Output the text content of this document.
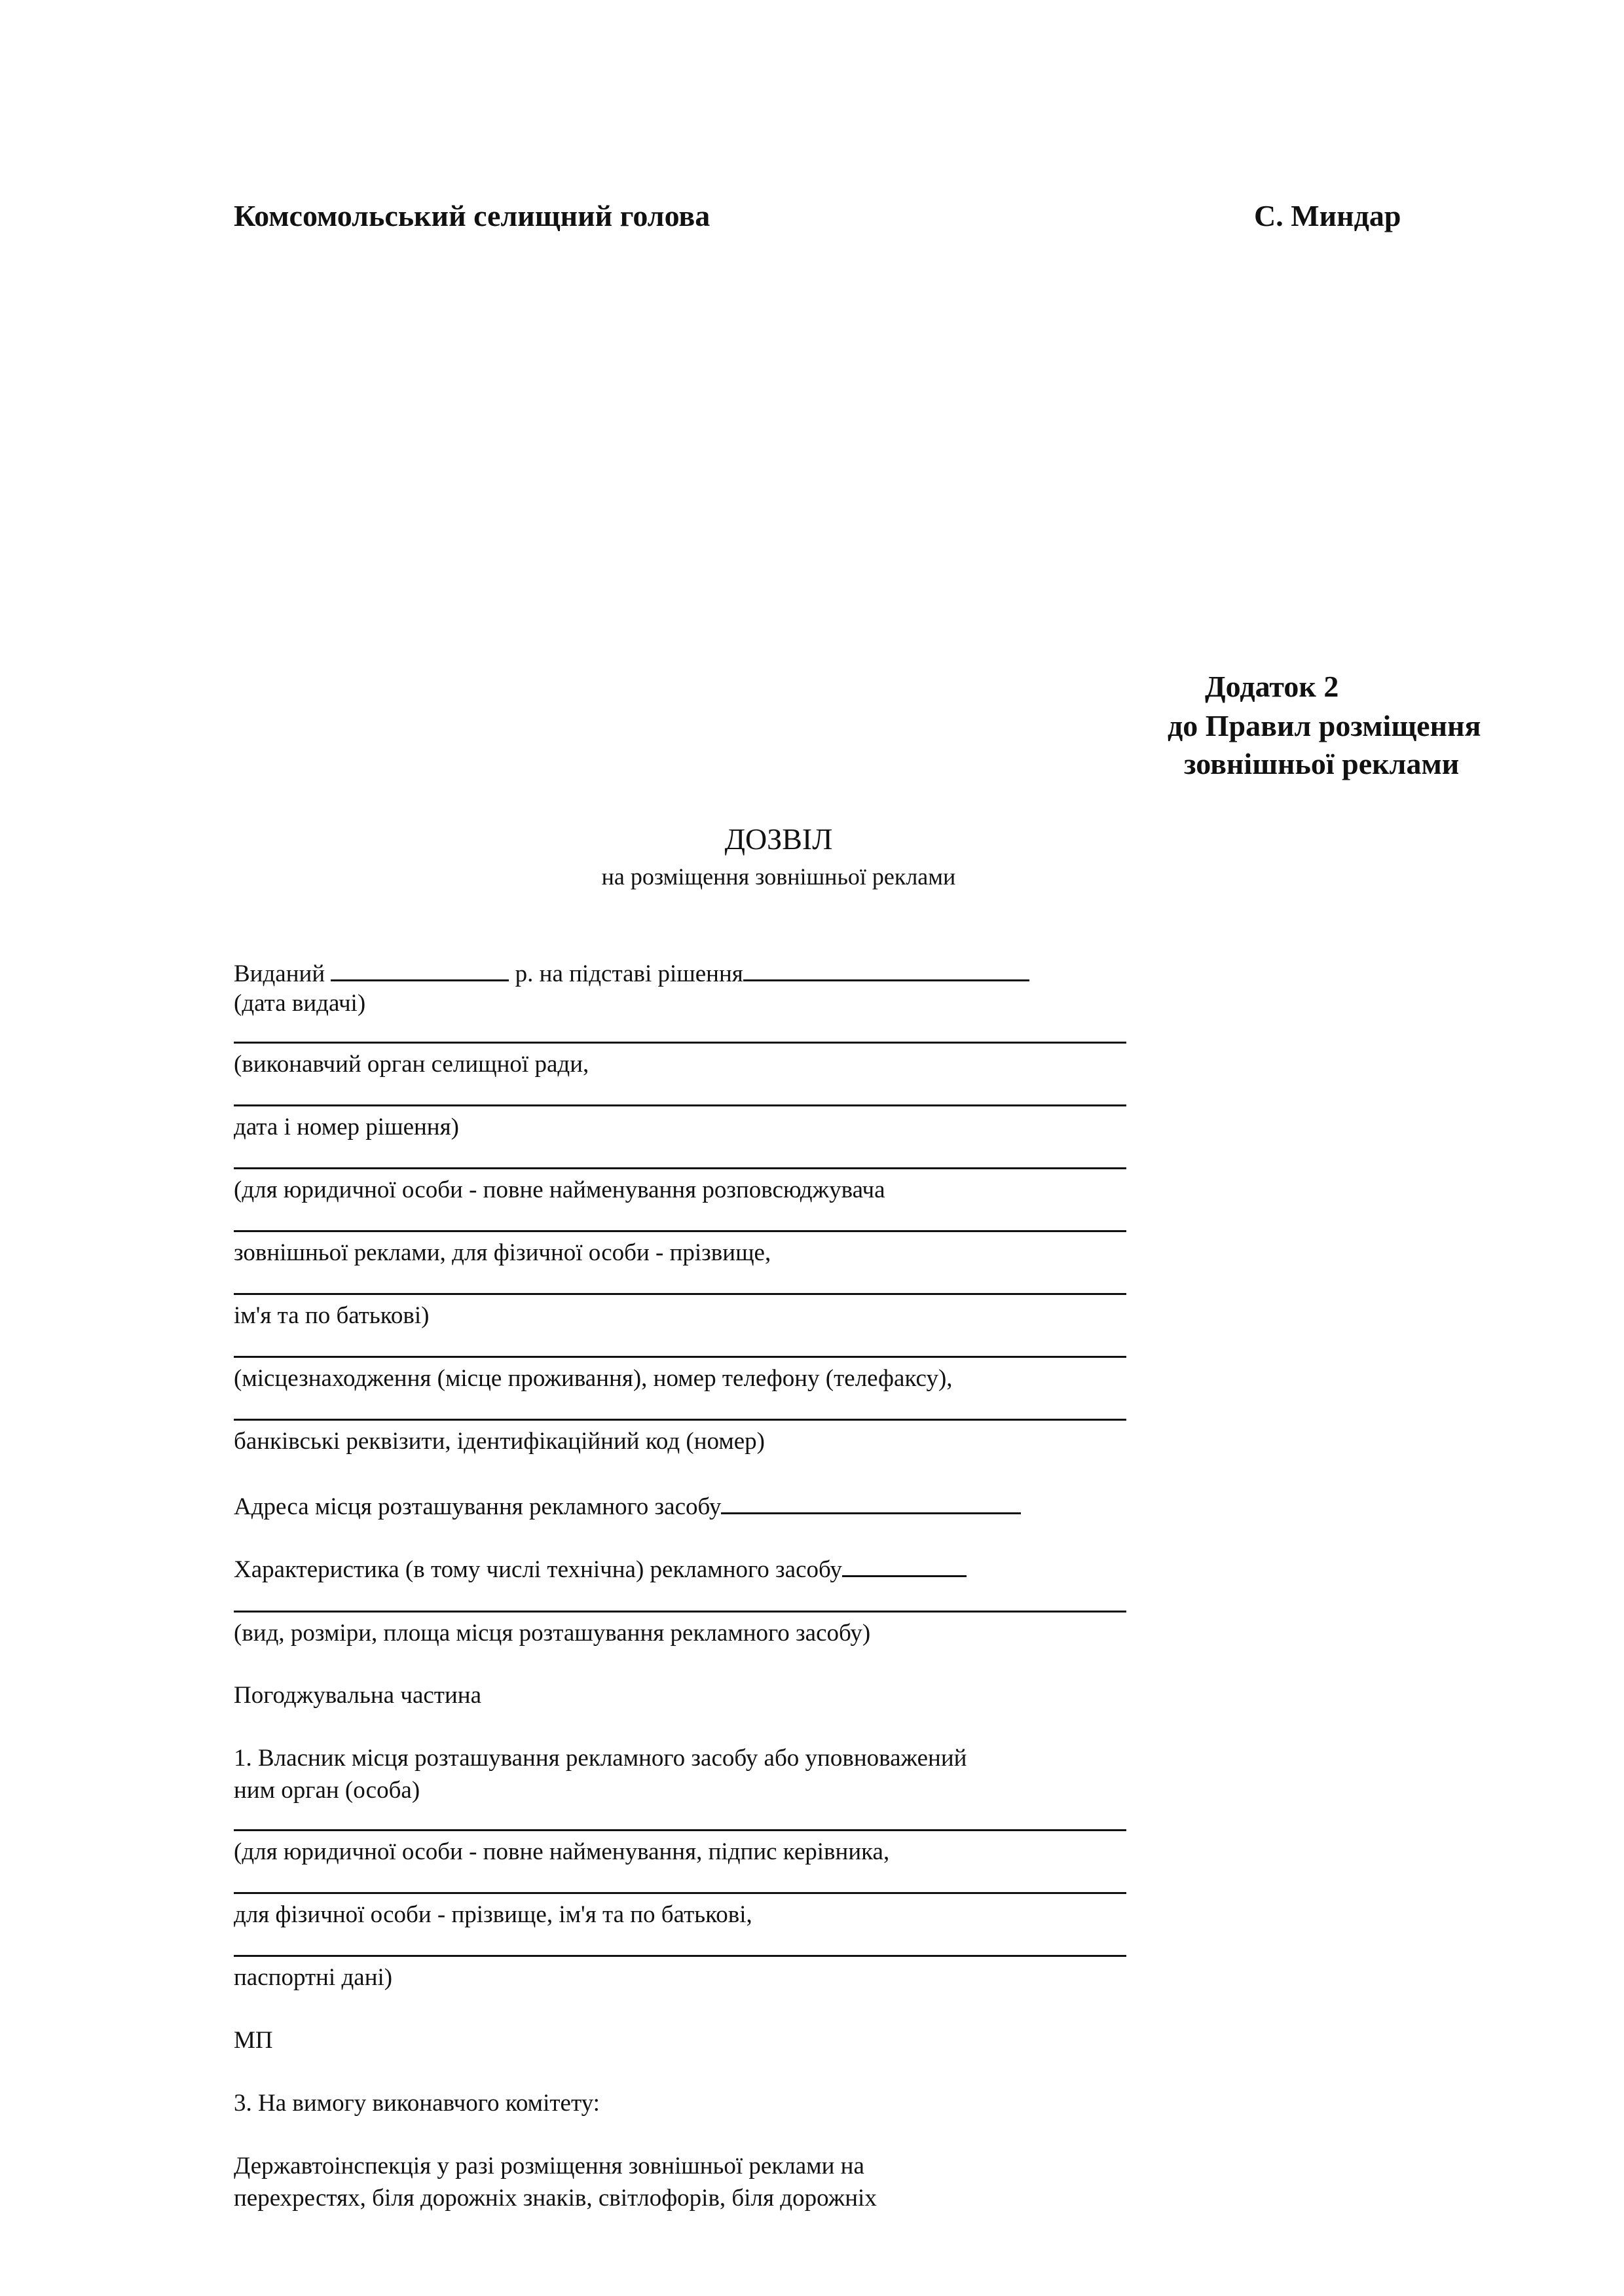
Комсомольський селищний голова	С. Миндар
Додаток 2
до Правил розміщення
зовнішньої реклами
ДОЗВІЛ
на розміщення зовнішньої реклами
Виданий	р. на підставі рішення
(дата видачі)
(виконавчий орган селищної ради,
дата і номер рішення)
(для юридичної особи - повне найменування розповсюджувача
зовнішньої реклами, для фізичної особи - прізвище,
ім'я та по батькові)
(місцезнаходження (місце проживання), номер телефону (телефаксу),
банківські реквізити, ідентифікаційний код (номер)
Адреса місця розташування рекламного засобу
Характеристика (в тому числі технічна) рекламного засобу
(вид, розміри, площа місця розташування рекламного засобу)
Погоджувальна частина
1. Власник місця розташування рекламного засобу або уповноважений
ним орган (особа)
(для юридичної особи - повне найменування, підпис керівника,
для фізичної особи - прізвище, ім'я та по батькові,
паспортні дані)
МП
3. На вимогу виконавчого комітету:
Державтоінспекція у разі розміщення зовнішньої реклами на
перехрестях, біля дорожніх знаків, світлофорів, біля дорожніх
